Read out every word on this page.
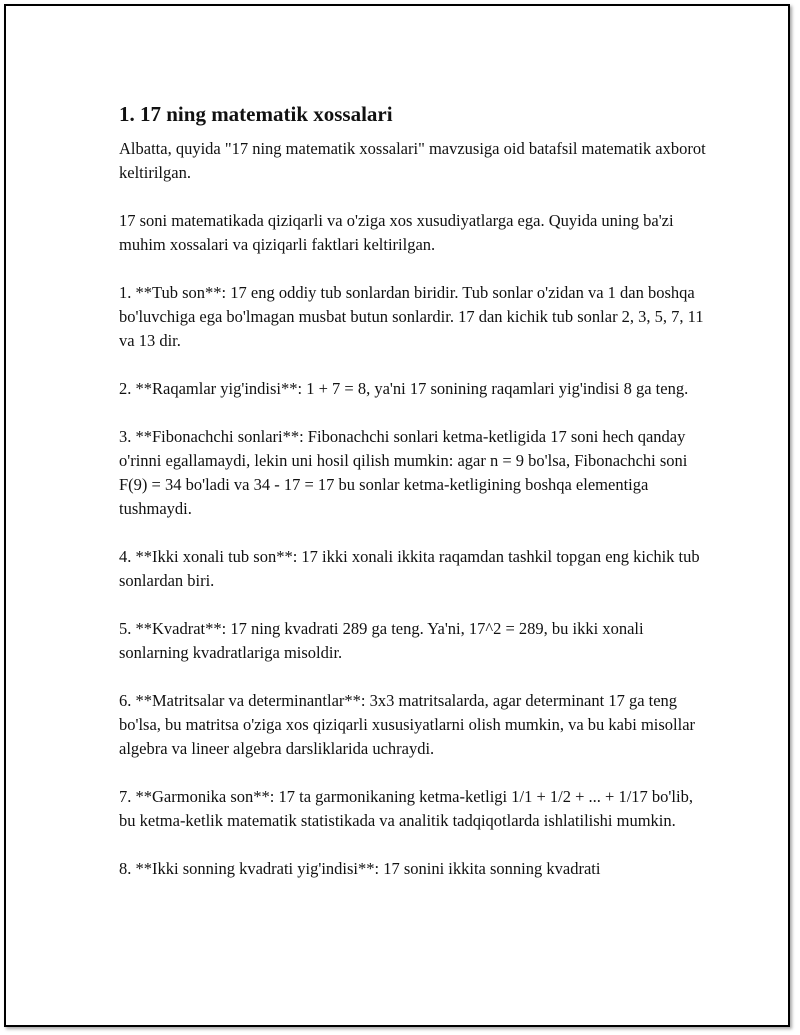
1. 17 ning matematik xossalari

Albatta, quyida "17 ning matematik xossalari" mavzusiga oid batafsil matematik axborot keltirilgan.

17 soni matematikada qiziqarli va o'ziga xos xusudiyatlarga ega. Quyida uning ba'zi muhim xossalari va qiziqarli faktlari keltirilgan.

1. **Tub son**: 17 eng oddiy tub sonlardan biridir. Tub sonlar o'zidan va 1 dan boshqa bo'luvchiga ega bo'lmagan musbat butun sonlardir. 17 dan kichik tub sonlar 2, 3, 5, 7, 11 va 13 dir.

2. **Raqamlar yig'indisi**: 1 + 7 = 8, ya'ni 17 sonining raqamlari yig'indisi 8 ga teng.

3. **Fibonachchi sonlari**: Fibonachchi sonlari ketma-ketligida 17 soni hech qanday o'rinni egallamaydi, lekin uni hosil qilish mumkin: agar n = 9 bo'lsa, Fibonachchi soni F(9) = 34 bo'ladi va 34 - 17 = 17 bu sonlar ketma-ketligining boshqa elementiga tushmaydi.

4. **Ikki xonali tub son**: 17 ikki xonali ikkita raqamdan tashkil topgan eng kichik tub sonlardan biri.

5. **Kvadrat**: 17 ning kvadrati 289 ga teng. Ya'ni, 17^2 = 289, bu ikki xonali sonlarning kvadratlariga misoldir.

6. **Matritsalar va determinantlar**: 3x3 matritsalarda, agar determinant 17 ga teng bo'lsa, bu matritsa o'ziga xos qiziqarli xususiyatlarni olish mumkin, va bu kabi misollar algebra va lineer algebra darsliklarida uchraydi.

7. **Garmonika son**: 17 ta garmonikaning ketma-ketligi 1/1 + 1/2 + ... + 1/17 bo'lib, bu ketma-ketlik matematik statistikada va analitik tadqiqotlarda ishlatilishi mumkin.

8. **Ikki sonning kvadrati yig'indisi**: 17 sonini ikkita sonning kvadrati
